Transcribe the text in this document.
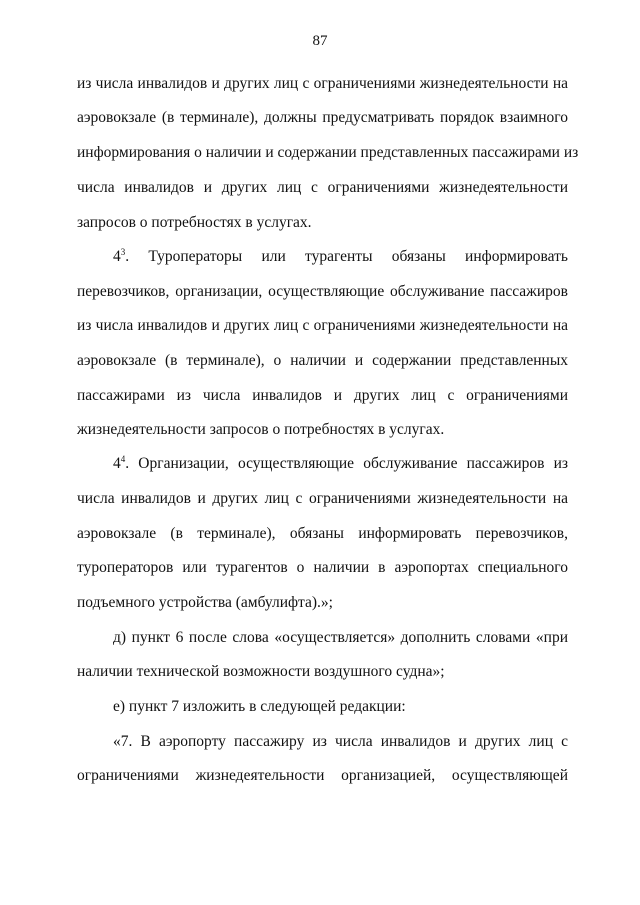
87
из числа инвалидов и других лиц с ограничениями жизнедеятельности на
аэровокзале (в терминале), должны предусматривать порядок взаимного
информирования о наличии и содержании представленных пассажирами из
числа инвалидов и других лиц с ограничениями жизнедеятельности
запросов о потребностях в услугах.
$4^3$. Туроператоры или турагенты обязаны информировать
перевозчиков, организации, осуществляющие обслуживание пассажиров
из числа инвалидов и других лиц с ограничениями жизнедеятельности на
аэровокзале (в терминале), о наличии и содержании представленных
пассажирами из числа инвалидов и других лиц с ограничениями
жизнедеятельности запросов о потребностях в услугах.
$4^4$. Организации, осуществляющие обслуживание пассажиров из
числа инвалидов и других лиц с ограничениями жизнедеятельности на
аэровокзале (в терминале), обязаны информировать перевозчиков,
туроператоров или турагентов о наличии в аэропортах специального
подъемного устройства (амбулифта).»;
д) пункт 6 после слова «осуществляется» дополнить словами «при
наличии технической возможности воздушного судна»;
е) пункт 7 изложить в следующей редакции:
«7. В аэропорту пассажиру из числа инвалидов и других лиц с
ограничениями жизнедеятельности организацией, осуществляющей
